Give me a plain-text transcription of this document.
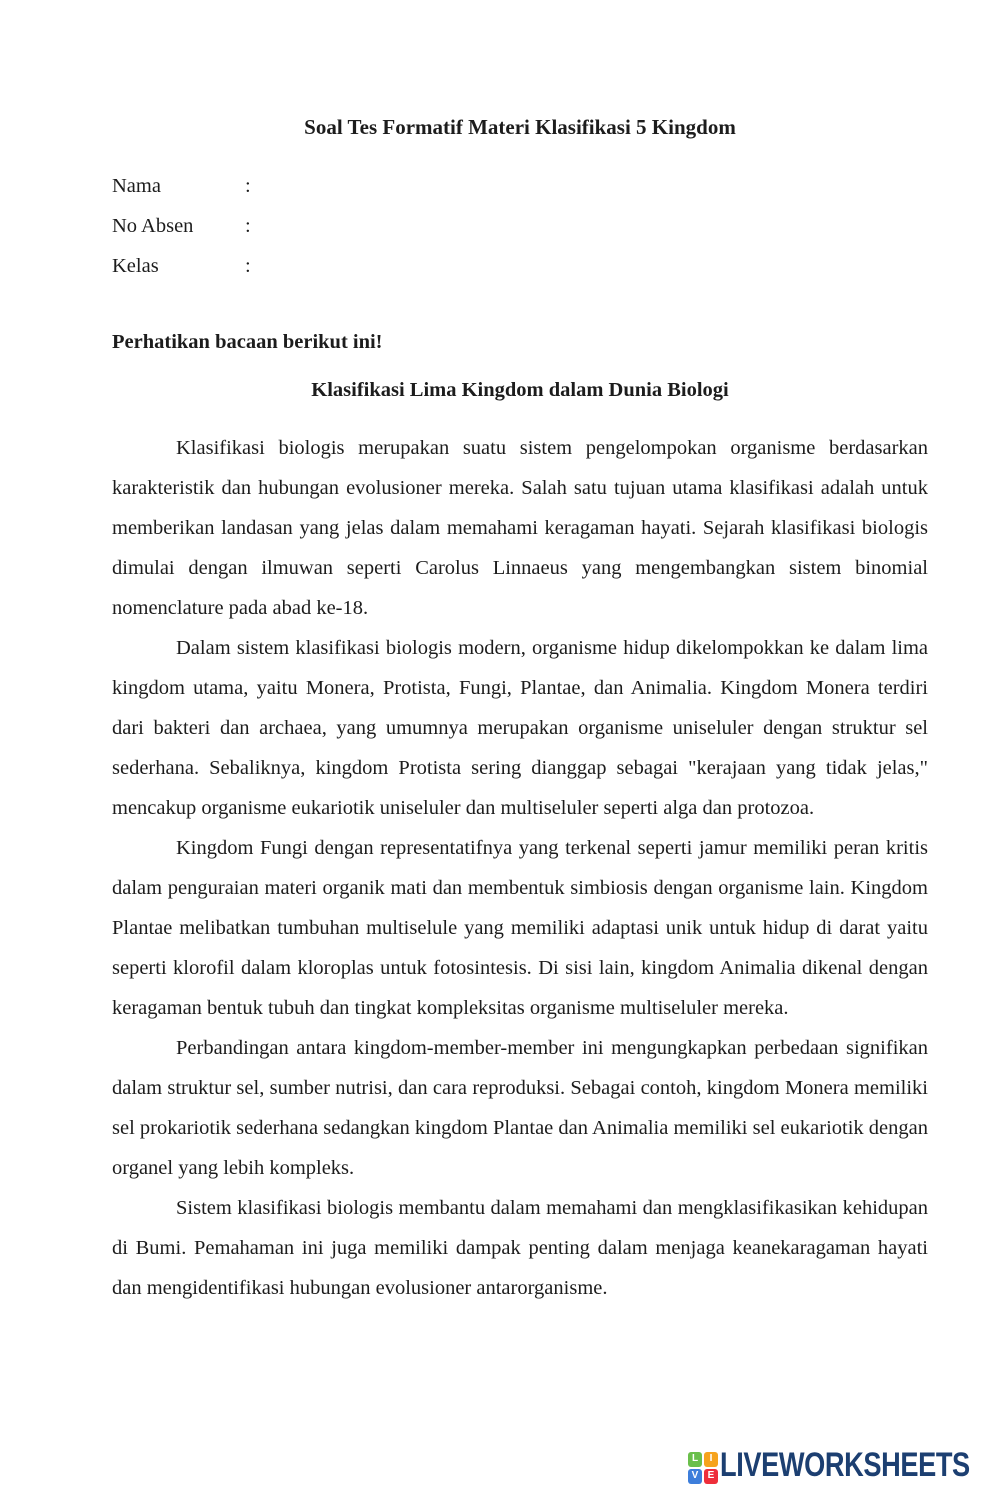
Soal Tes Formatif Materi Klasifikasi 5 Kingdom
Nama	:
No Absen	:
Kelas	:
Perhatikan bacaan berikut ini!
Klasifikasi Lima Kingdom dalam Dunia Biologi

Klasifikasi biologis merupakan suatu sistem pengelompokan organisme berdasarkan karakteristik dan hubungan evolusioner mereka. Salah satu tujuan utama klasifikasi adalah untuk memberikan landasan yang jelas dalam memahami keragaman hayati. Sejarah klasifikasi biologis dimulai dengan ilmuwan seperti Carolus Linnaeus yang mengembangkan sistem binomial nomenclature pada abad ke-18.

Dalam sistem klasifikasi biologis modern, organisme hidup dikelompokkan ke dalam lima kingdom utama, yaitu Monera, Protista, Fungi, Plantae, dan Animalia. Kingdom Monera terdiri dari bakteri dan archaea, yang umumnya merupakan organisme uniseluler dengan struktur sel sederhana. Sebaliknya, kingdom Protista sering dianggap sebagai "kerajaan yang tidak jelas," mencakup organisme eukariotik uniseluler dan multiseluler seperti alga dan protozoa.

Kingdom Fungi dengan representatifnya yang terkenal seperti jamur memiliki peran kritis dalam penguraian materi organik mati dan membentuk simbiosis dengan organisme lain. Kingdom Plantae melibatkan tumbuhan multiselule yang memiliki adaptasi unik untuk hidup di darat yaitu seperti klorofil dalam kloroplas untuk fotosintesis. Di sisi lain, kingdom Animalia dikenal dengan keragaman bentuk tubuh dan tingkat kompleksitas organisme multiseluler mereka.

Perbandingan antara kingdom-member-member ini mengungkapkan perbedaan signifikan dalam struktur sel, sumber nutrisi, dan cara reproduksi. Sebagai contoh, kingdom Monera memiliki sel prokariotik sederhana sedangkan kingdom Plantae dan Animalia memiliki sel eukariotik dengan organel yang lebih kompleks.

Sistem klasifikasi biologis membantu dalam memahami dan mengklasifikasikan kehidupan di Bumi. Pemahaman ini juga memiliki dampak penting dalam menjaga keanekaragaman hayati dan mengidentifikasi hubungan evolusioner antarorganisme.

L	I
V E LIVEWORKSHEETS
